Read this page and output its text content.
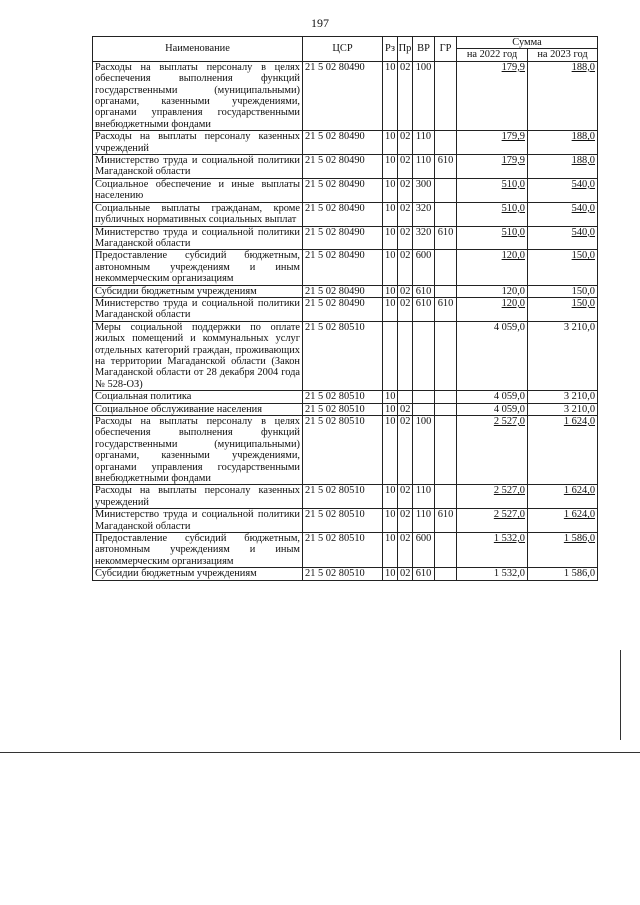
197
Наименование	ЦСР	Рз	Пр	ВР	ГР	Сумма	
						на 2022 год	на 2023 год
Расходы на выплаты персоналу в целях обеспечения выполнения функций государственными (муниципальными) органами, казенными учреждениями, органами управления государственными внебюджетными фондами	21 5 02 80490	10	02	100		179,9	188,0
Расходы на выплаты персоналу казенных учреждений	21 5 02 80490	10	02	110		179,9	188,0
Министерство труда и социальной политики Магаданской области	21 5 02 80490	10	02	110	610	179,9	188,0
Социальное обеспечение и иные выплаты населению	21 5 02 80490	10	02	300		510,0	540,0
Социальные выплаты гражданам, кроме публичных нормативных социальных выплат	21 5 02 80490	10	02	320		510,0	540,0
Министерство труда и социальной политики Магаданской области	21 5 02 80490	10	02	320	610	510,0	540,0
Предоставление субсидий бюджетным, автономным учреждениям и иным некоммерческим организациям	21 5 02 80490	10	02	600		120,0	150,0
Субсидии бюджетным учреждениям	21 5 02 80490	10	02	610		120,0	150,0
Министерство труда и социальной политики Магаданской области	21 5 02 80490	10	02	610	610	120,0	150,0
Меры социальной поддержки по оплате жилых помещений и коммунальных услуг отдельных категорий граждан, проживающих на территории Магаданской области (Закон Магаданской области от 28 декабря 2004 года № 528-ОЗ)	21 5 02 80510					4 059,0	3 210,0
Социальная политика	21 5 02 80510	10				4 059,0	3 210,0
Социальное обслуживание населения	21 5 02 80510	10	02			4 059,0	3 210,0
Расходы на выплаты персоналу в целях обеспечения выполнения функций государственными (муниципальными) органами, казенными учреждениями, органами управления государственными внебюджетными фондами	21 5 02 80510	10	02	100		2 527,0	1 624,0
Расходы на выплаты персоналу казенных учреждений	21 5 02 80510	10	02	110		2 527,0	1 624,0
Министерство труда и социальной политики Магаданской области	21 5 02 80510	10	02	110	610	2 527,0	1 624,0
Предоставление субсидий бюджетным, автономным учреждениям и иным некоммерческим организациям	21 5 02 80510	10	02	600		1 532,0	1 586,0
Субсидии бюджетным учреждениям	21 5 02 80510	10	02	610		1 532,0	1 586,0
